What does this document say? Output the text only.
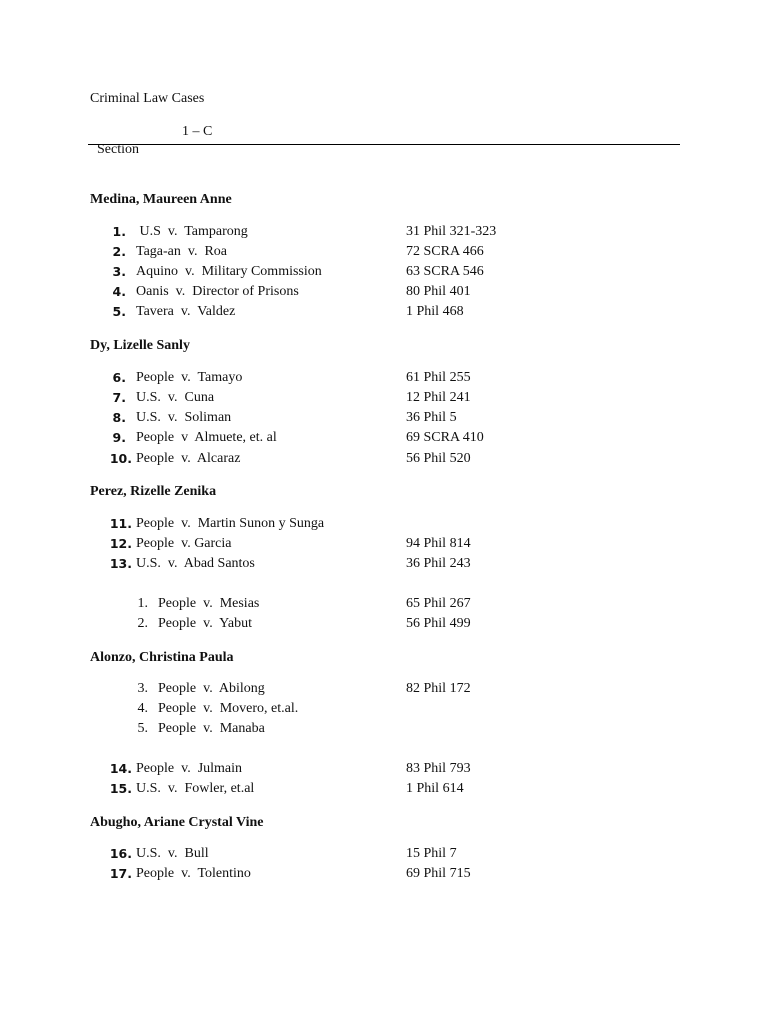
Criminal Law Cases

Section

1 – C

Medina, Maureen Anne
Dy, Lizelle Sanly
Perez, Rizelle Zenika
Alonzo, Christina Paula
Abugho, Ariane Crystal Vine
1. U.S  v.  Tamparong	31 Phil 321-323
2. Taga-an  v.  Roa	72 SCRA 466
3. Aquino  v.  Military Commission	63 SCRA 546
4. Oanis  v.  Director of Prisons	80 Phil 401
5. Tavera  v.  Valdez	1 Phil 468
6. People  v.  Tamayo	61 Phil 255
7. U.S.  v.  Cuna	12 Phil 241
8. U.S.  v.  Soliman	36 Phil 5
9. People  v  Almuete, et. al	69 SCRA 410
10. People  v.  Alcaraz	56 Phil 520
11. People  v.  Martin Sunon y Sunga
12. People  v. Garcia	94 Phil 814
13. U.S.  v.  Abad Santos	36 Phil 243
1. People  v.  Mesias	65 Phil 267
2. People  v.  Yabut	56 Phil 499
3. People  v.  Abilong	82 Phil 172
4. People  v.  Movero, et.al.
5. People  v.  Manaba
14. People  v.  Julmain	83 Phil 793
15. U.S.  v.  Fowler, et.al	1 Phil 614
16. U.S.  v.  Bull	15 Phil 7
17. People  v.  Tolentino	69 Phil 715
